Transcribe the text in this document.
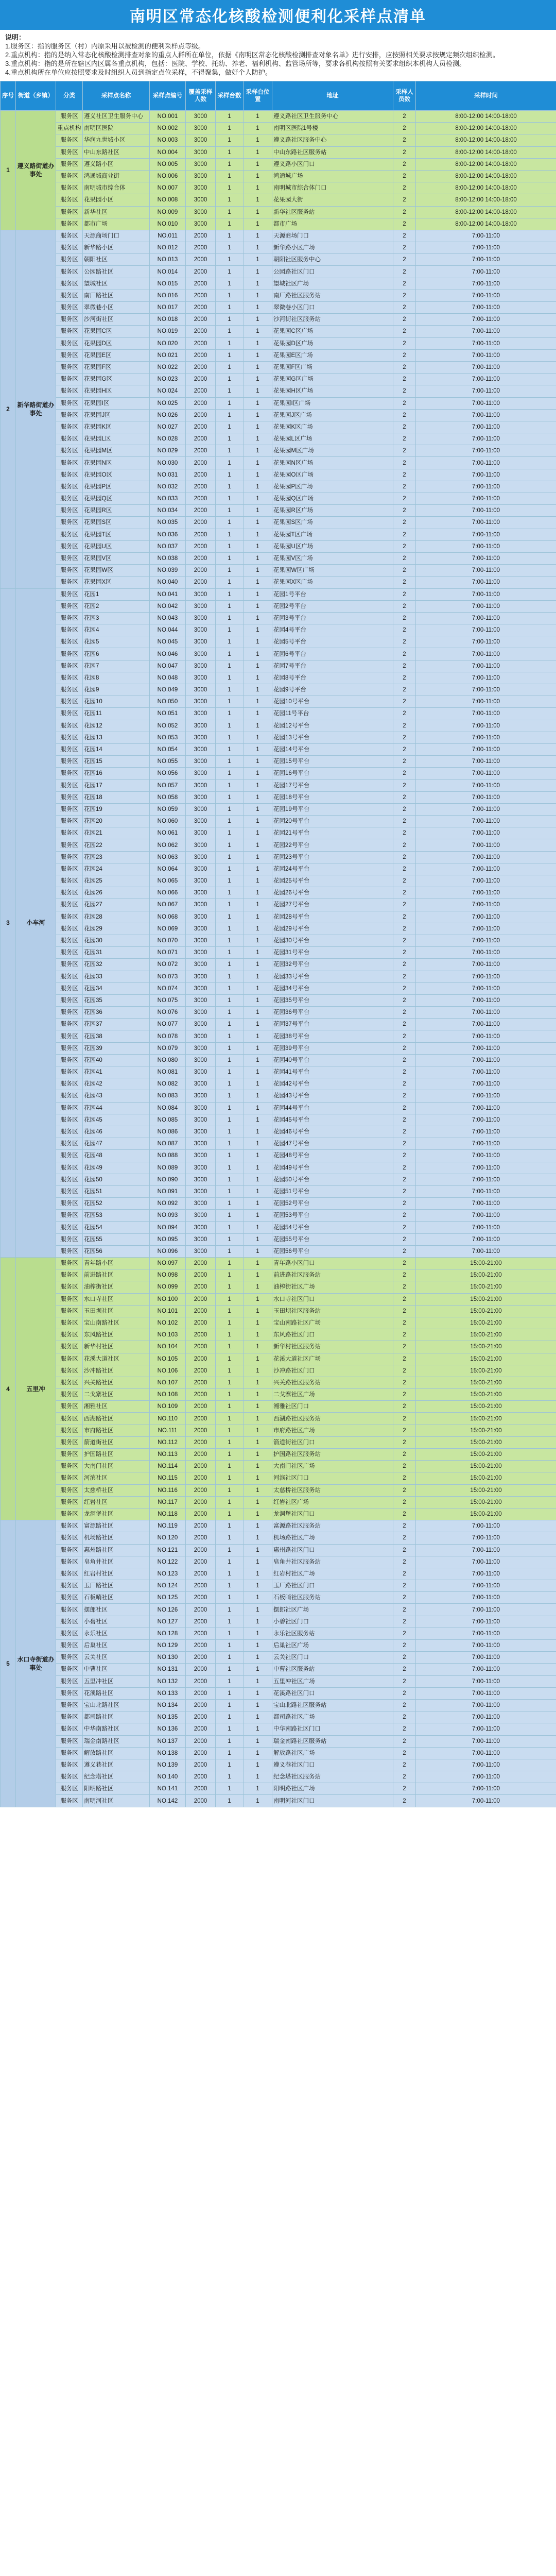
南明区常态化核酸检测便利化采样点清单
说明：
1.服务区：指的服务区（村）内原采用以被检测的便利采样点等级。
2.重点机构：指的是纳入常态化核酸检测排查对象的重点人群所在单位，依据《南明区常态化核酸检测排查对象名单》进行安排，应按照相关要求按规定频次组织检测。
3.重点机构：指的是所在辖区内区属各重点机构，包括：医院、学校、托幼、养老、福利机构、监管场所等，要求各机构按照有关要求组织本机构人员检测。
4.重点机构所在单位应按照要求及时组织人员到指定点位采样，不得聚集，做好个人防护。
序号	街道（乡镇）	分类	采样点名称	采样点编号	覆盖采样人数	采样台数	采样台位置	地址	采样人员数	采样时间
1	遵义路街道办事处	服务区	遵义社区卫生服务中心	NO.001	3000	1	1	遵义路社区卫生服务中心	2	8:00-12:00 14:00-18:00
		重点机构	南明区医院	NO.002	3000	1	1	南明区医院1号楼	2	8:00-12:00 14:00-18:00
		服务区	华润九世城小区	NO.003	3000	1	1	遵义路社区服务中心	2	8:00-12:00 14:00-18:00
		服务区	中山东路社区	NO.004	3000	1	1	中山东路社区服务站	2	8:00-12:00 14:00-18:00
		服务区	遵义路小区	NO.005	3000	1	1	遵义路小区门口	2	8:00-12:00 14:00-18:00
		服务区	鸿通城商业街	NO.006	3000	1	1	鸿通城广场	2	8:00-12:00 14:00-18:00
		服务区	南明城市综合体	NO.007	3000	1	1	南明城市综合体门口	2	8:00-12:00 14:00-18:00
		服务区	花果园小区	NO.008	3000	1	1	花果园大街	2	8:00-12:00 14:00-18:00
		服务区	新华社区	NO.009	3000	1	1	新华社区服务站	2	8:00-12:00 14:00-18:00
		服务区	都市广场	NO.010	3000	1	1	都市广场	2	8:00-12:00 14:00-18:00
2	新华路街道办事处	服务区	天源商场门口	NO.011	2000	1	1	天源商场门口	2	7:00-11:00
		服务区	新华路小区	NO.012	2000	1	1	新华路小区广场	2	7:00-11:00
		服务区	朝阳社区	NO.013	2000	1	1	朝阳社区服务中心	2	7:00-11:00
		服务区	公园路社区	NO.014	2000	1	1	公园路社区门口	2	7:00-11:00
		服务区	望城社区	NO.015	2000	1	1	望城社区广场	2	7:00-11:00
		服务区	南厂路社区	NO.016	2000	1	1	南厂路社区服务站	2	7:00-11:00
		服务区	翠微巷小区	NO.017	2000	1	1	翠微巷小区门口	2	7:00-11:00
		服务区	沙河街社区	NO.018	2000	1	1	沙河街社区服务站	2	7:00-11:00
		服务区	花果园C区	NO.019	2000	1	1	花果园C区广场	2	7:00-11:00
		服务区	花果园D区	NO.020	2000	1	1	花果园D区广场	2	7:00-11:00
		服务区	花果园E区	NO.021	2000	1	1	花果园E区广场	2	7:00-11:00
		服务区	花果园F区	NO.022	2000	1	1	花果园F区广场	2	7:00-11:00
		服务区	花果园G区	NO.023	2000	1	1	花果园G区广场	2	7:00-11:00
		服务区	花果园H区	NO.024	2000	1	1	花果园H区广场	2	7:00-11:00
		服务区	花果园I区	NO.025	2000	1	1	花果园I区广场	2	7:00-11:00
		服务区	花果园J区	NO.026	2000	1	1	花果园J区广场	2	7:00-11:00
		服务区	花果园K区	NO.027	2000	1	1	花果园K区广场	2	7:00-11:00
		服务区	花果园L区	NO.028	2000	1	1	花果园L区广场	2	7:00-11:00
		服务区	花果园M区	NO.029	2000	1	1	花果园M区广场	2	7:00-11:00
		服务区	花果园N区	NO.030	2000	1	1	花果园N区广场	2	7:00-11:00
		服务区	花果园O区	NO.031	2000	1	1	花果园O区广场	2	7:00-11:00
		服务区	花果园P区	NO.032	2000	1	1	花果园P区广场	2	7:00-11:00
		服务区	花果园Q区	NO.033	2000	1	1	花果园Q区广场	2	7:00-11:00
		服务区	花果园R区	NO.034	2000	1	1	花果园R区广场	2	7:00-11:00
		服务区	花果园S区	NO.035	2000	1	1	花果园S区广场	2	7:00-11:00
		服务区	花果园T区	NO.036	2000	1	1	花果园T区广场	2	7:00-11:00
		服务区	花果园U区	NO.037	2000	1	1	花果园U区广场	2	7:00-11:00
		服务区	花果园V区	NO.038	2000	1	1	花果园V区广场	2	7:00-11:00
		服务区	花果园W区	NO.039	2000	1	1	花果园W区广场	2	7:00-11:00
		服务区	花果园X区	NO.040	2000	1	1	花果园X区广场	2	7:00-11:00
3	小车河	服务区	花园1	NO.041	3000	1	1	花园1号平台	2	7:00-11:00
		服务区	花园2	NO.042	3000	1	1	花园2号平台	2	7:00-11:00
		服务区	花园3	NO.043	3000	1	1	花园3号平台	2	7:00-11:00
		服务区	花园4	NO.044	3000	1	1	花园4号平台	2	7:00-11:00
		服务区	花园5	NO.045	3000	1	1	花园5号平台	2	7:00-11:00
		服务区	花园6	NO.046	3000	1	1	花园6号平台	2	7:00-11:00
		服务区	花园7	NO.047	3000	1	1	花园7号平台	2	7:00-11:00
		服务区	花园8	NO.048	3000	1	1	花园8号平台	2	7:00-11:00
		服务区	花园9	NO.049	3000	1	1	花园9号平台	2	7:00-11:00
		服务区	花园10	NO.050	3000	1	1	花园10号平台	2	7:00-11:00
		服务区	花园11	NO.051	3000	1	1	花园11号平台	2	7:00-11:00
		服务区	花园12	NO.052	3000	1	1	花园12号平台	2	7:00-11:00
		服务区	花园13	NO.053	3000	1	1	花园13号平台	2	7:00-11:00
		服务区	花园14	NO.054	3000	1	1	花园14号平台	2	7:00-11:00
		服务区	花园15	NO.055	3000	1	1	花园15号平台	2	7:00-11:00
		服务区	花园16	NO.056	3000	1	1	花园16号平台	2	7:00-11:00
		服务区	花园17	NO.057	3000	1	1	花园17号平台	2	7:00-11:00
		服务区	花园18	NO.058	3000	1	1	花园18号平台	2	7:00-11:00
		服务区	花园19	NO.059	3000	1	1	花园19号平台	2	7:00-11:00
		服务区	花园20	NO.060	3000	1	1	花园20号平台	2	7:00-11:00
		服务区	花园21	NO.061	3000	1	1	花园21号平台	2	7:00-11:00
		服务区	花园22	NO.062	3000	1	1	花园22号平台	2	7:00-11:00
		服务区	花园23	NO.063	3000	1	1	花园23号平台	2	7:00-11:00
		服务区	花园24	NO.064	3000	1	1	花园24号平台	2	7:00-11:00
		服务区	花园25	NO.065	3000	1	1	花园25号平台	2	7:00-11:00
		服务区	花园26	NO.066	3000	1	1	花园26号平台	2	7:00-11:00
		服务区	花园27	NO.067	3000	1	1	花园27号平台	2	7:00-11:00
		服务区	花园28	NO.068	3000	1	1	花园28号平台	2	7:00-11:00
		服务区	花园29	NO.069	3000	1	1	花园29号平台	2	7:00-11:00
		服务区	花园30	NO.070	3000	1	1	花园30号平台	2	7:00-11:00
		服务区	花园31	NO.071	3000	1	1	花园31号平台	2	7:00-11:00
		服务区	花园32	NO.072	3000	1	1	花园32号平台	2	7:00-11:00
		服务区	花园33	NO.073	3000	1	1	花园33号平台	2	7:00-11:00
		服务区	花园34	NO.074	3000	1	1	花园34号平台	2	7:00-11:00
		服务区	花园35	NO.075	3000	1	1	花园35号平台	2	7:00-11:00
		服务区	花园36	NO.076	3000	1	1	花园36号平台	2	7:00-11:00
		服务区	花园37	NO.077	3000	1	1	花园37号平台	2	7:00-11:00
		服务区	花园38	NO.078	3000	1	1	花园38号平台	2	7:00-11:00
		服务区	花园39	NO.079	3000	1	1	花园39号平台	2	7:00-11:00
		服务区	花园40	NO.080	3000	1	1	花园40号平台	2	7:00-11:00
		服务区	花园41	NO.081	3000	1	1	花园41号平台	2	7:00-11:00
		服务区	花园42	NO.082	3000	1	1	花园42号平台	2	7:00-11:00
		服务区	花园43	NO.083	3000	1	1	花园43号平台	2	7:00-11:00
		服务区	花园44	NO.084	3000	1	1	花园44号平台	2	7:00-11:00
		服务区	花园45	NO.085	3000	1	1	花园45号平台	2	7:00-11:00
		服务区	花园46	NO.086	3000	1	1	花园46号平台	2	7:00-11:00
		服务区	花园47	NO.087	3000	1	1	花园47号平台	2	7:00-11:00
		服务区	花园48	NO.088	3000	1	1	花园48号平台	2	7:00-11:00
		服务区	花园49	NO.089	3000	1	1	花园49号平台	2	7:00-11:00
		服务区	花园50	NO.090	3000	1	1	花园50号平台	2	7:00-11:00
		服务区	花园51	NO.091	3000	1	1	花园51号平台	2	7:00-11:00
		服务区	花园52	NO.092	3000	1	1	花园52号平台	2	7:00-11:00
		服务区	花园53	NO.093	3000	1	1	花园53号平台	2	7:00-11:00
		服务区	花园54	NO.094	3000	1	1	花园54号平台	2	7:00-11:00
		服务区	花园55	NO.095	3000	1	1	花园55号平台	2	7:00-11:00
		服务区	花园56	NO.096	3000	1	1	花园56号平台	2	7:00-11:00
4	五里冲	服务区	青年路小区	NO.097	2000	1	1	青年路小区门口	2	15:00-21:00
		服务区	前进路社区	NO.098	2000	1	1	前进路社区服务站	2	15:00-21:00
		服务区	油榨街社区	NO.099	2000	1	1	油榨街社区广场	2	15:00-21:00
		服务区	水口寺社区	NO.100	2000	1	1	水口寺社区门口	2	15:00-21:00
		服务区	玉田坝社区	NO.101	2000	1	1	玉田坝社区服务站	2	15:00-21:00
		服务区	宝山南路社区	NO.102	2000	1	1	宝山南路社区广场	2	15:00-21:00
		服务区	东风路社区	NO.103	2000	1	1	东风路社区门口	2	15:00-21:00
		服务区	新华村社区	NO.104	2000	1	1	新华村社区服务站	2	15:00-21:00
		服务区	花溪大道社区	NO.105	2000	1	1	花溪大道社区广场	2	15:00-21:00
		服务区	沙冲路社区	NO.106	2000	1	1	沙冲路社区门口	2	15:00-21:00
		服务区	兴关路社区	NO.107	2000	1	1	兴关路社区服务站	2	15:00-21:00
		服务区	二戈寨社区	NO.108	2000	1	1	二戈寨社区广场	2	15:00-21:00
		服务区	湘雅社区	NO.109	2000	1	1	湘雅社区门口	2	15:00-21:00
		服务区	西湖路社区	NO.110	2000	1	1	西湖路社区服务站	2	15:00-21:00
		服务区	市府路社区	NO.111	2000	1	1	市府路社区广场	2	15:00-21:00
		服务区	箭道街社区	NO.112	2000	1	1	箭道街社区门口	2	15:00-21:00
		服务区	护国路社区	NO.113	2000	1	1	护国路社区服务站	2	15:00-21:00
		服务区	大南门社区	NO.114	2000	1	1	大南门社区广场	2	15:00-21:00
		服务区	河滨社区	NO.115	2000	1	1	河滨社区门口	2	15:00-21:00
		服务区	太慈桥社区	NO.116	2000	1	1	太慈桥社区服务站	2	15:00-21:00
		服务区	红岩社区	NO.117	2000	1	1	红岩社区广场	2	15:00-21:00
		服务区	龙洞堡社区	NO.118	2000	1	1	龙洞堡社区门口	2	15:00-21:00
5	水口寺街道办事处	服务区	富源路社区	NO.119	2000	1	1	富源路社区服务站	2	7:00-11:00
		服务区	机场路社区	NO.120	2000	1	1	机场路社区广场	2	7:00-11:00
		服务区	惠州路社区	NO.121	2000	1	1	惠州路社区门口	2	7:00-11:00
		服务区	皂角井社区	NO.122	2000	1	1	皂角井社区服务站	2	7:00-11:00
		服务区	红岩村社区	NO.123	2000	1	1	红岩村社区广场	2	7:00-11:00
		服务区	玉厂路社区	NO.124	2000	1	1	玉厂路社区门口	2	7:00-11:00
		服务区	石板哨社区	NO.125	2000	1	1	石板哨社区服务站	2	7:00-11:00
		服务区	摆郎社区	NO.126	2000	1	1	摆郎社区广场	2	7:00-11:00
		服务区	小碧社区	NO.127	2000	1	1	小碧社区门口	2	7:00-11:00
		服务区	永乐社区	NO.128	2000	1	1	永乐社区服务站	2	7:00-11:00
		服务区	后巢社区	NO.129	2000	1	1	后巢社区广场	2	7:00-11:00
		服务区	云关社区	NO.130	2000	1	1	云关社区门口	2	7:00-11:00
		服务区	中曹社区	NO.131	2000	1	1	中曹社区服务站	2	7:00-11:00
		服务区	五里冲社区	NO.132	2000	1	1	五里冲社区广场	2	7:00-11:00
		服务区	花溪路社区	NO.133	2000	1	1	花溪路社区门口	2	7:00-11:00
		服务区	宝山北路社区	NO.134	2000	1	1	宝山北路社区服务站	2	7:00-11:00
		服务区	都司路社区	NO.135	2000	1	1	都司路社区广场	2	7:00-11:00
		服务区	中华南路社区	NO.136	2000	1	1	中华南路社区门口	2	7:00-11:00
		服务区	瑞金南路社区	NO.137	2000	1	1	瑞金南路社区服务站	2	7:00-11:00
		服务区	解放路社区	NO.138	2000	1	1	解放路社区广场	2	7:00-11:00
		服务区	遵义巷社区	NO.139	2000	1	1	遵义巷社区门口	2	7:00-11:00
		服务区	纪念塔社区	NO.140	2000	1	1	纪念塔社区服务站	2	7:00-11:00
		服务区	阳明路社区	NO.141	2000	1	1	阳明路社区广场	2	7:00-11:00
		服务区	南明河社区	NO.142	2000	1	1	南明河社区门口	2	7:00-11:00
